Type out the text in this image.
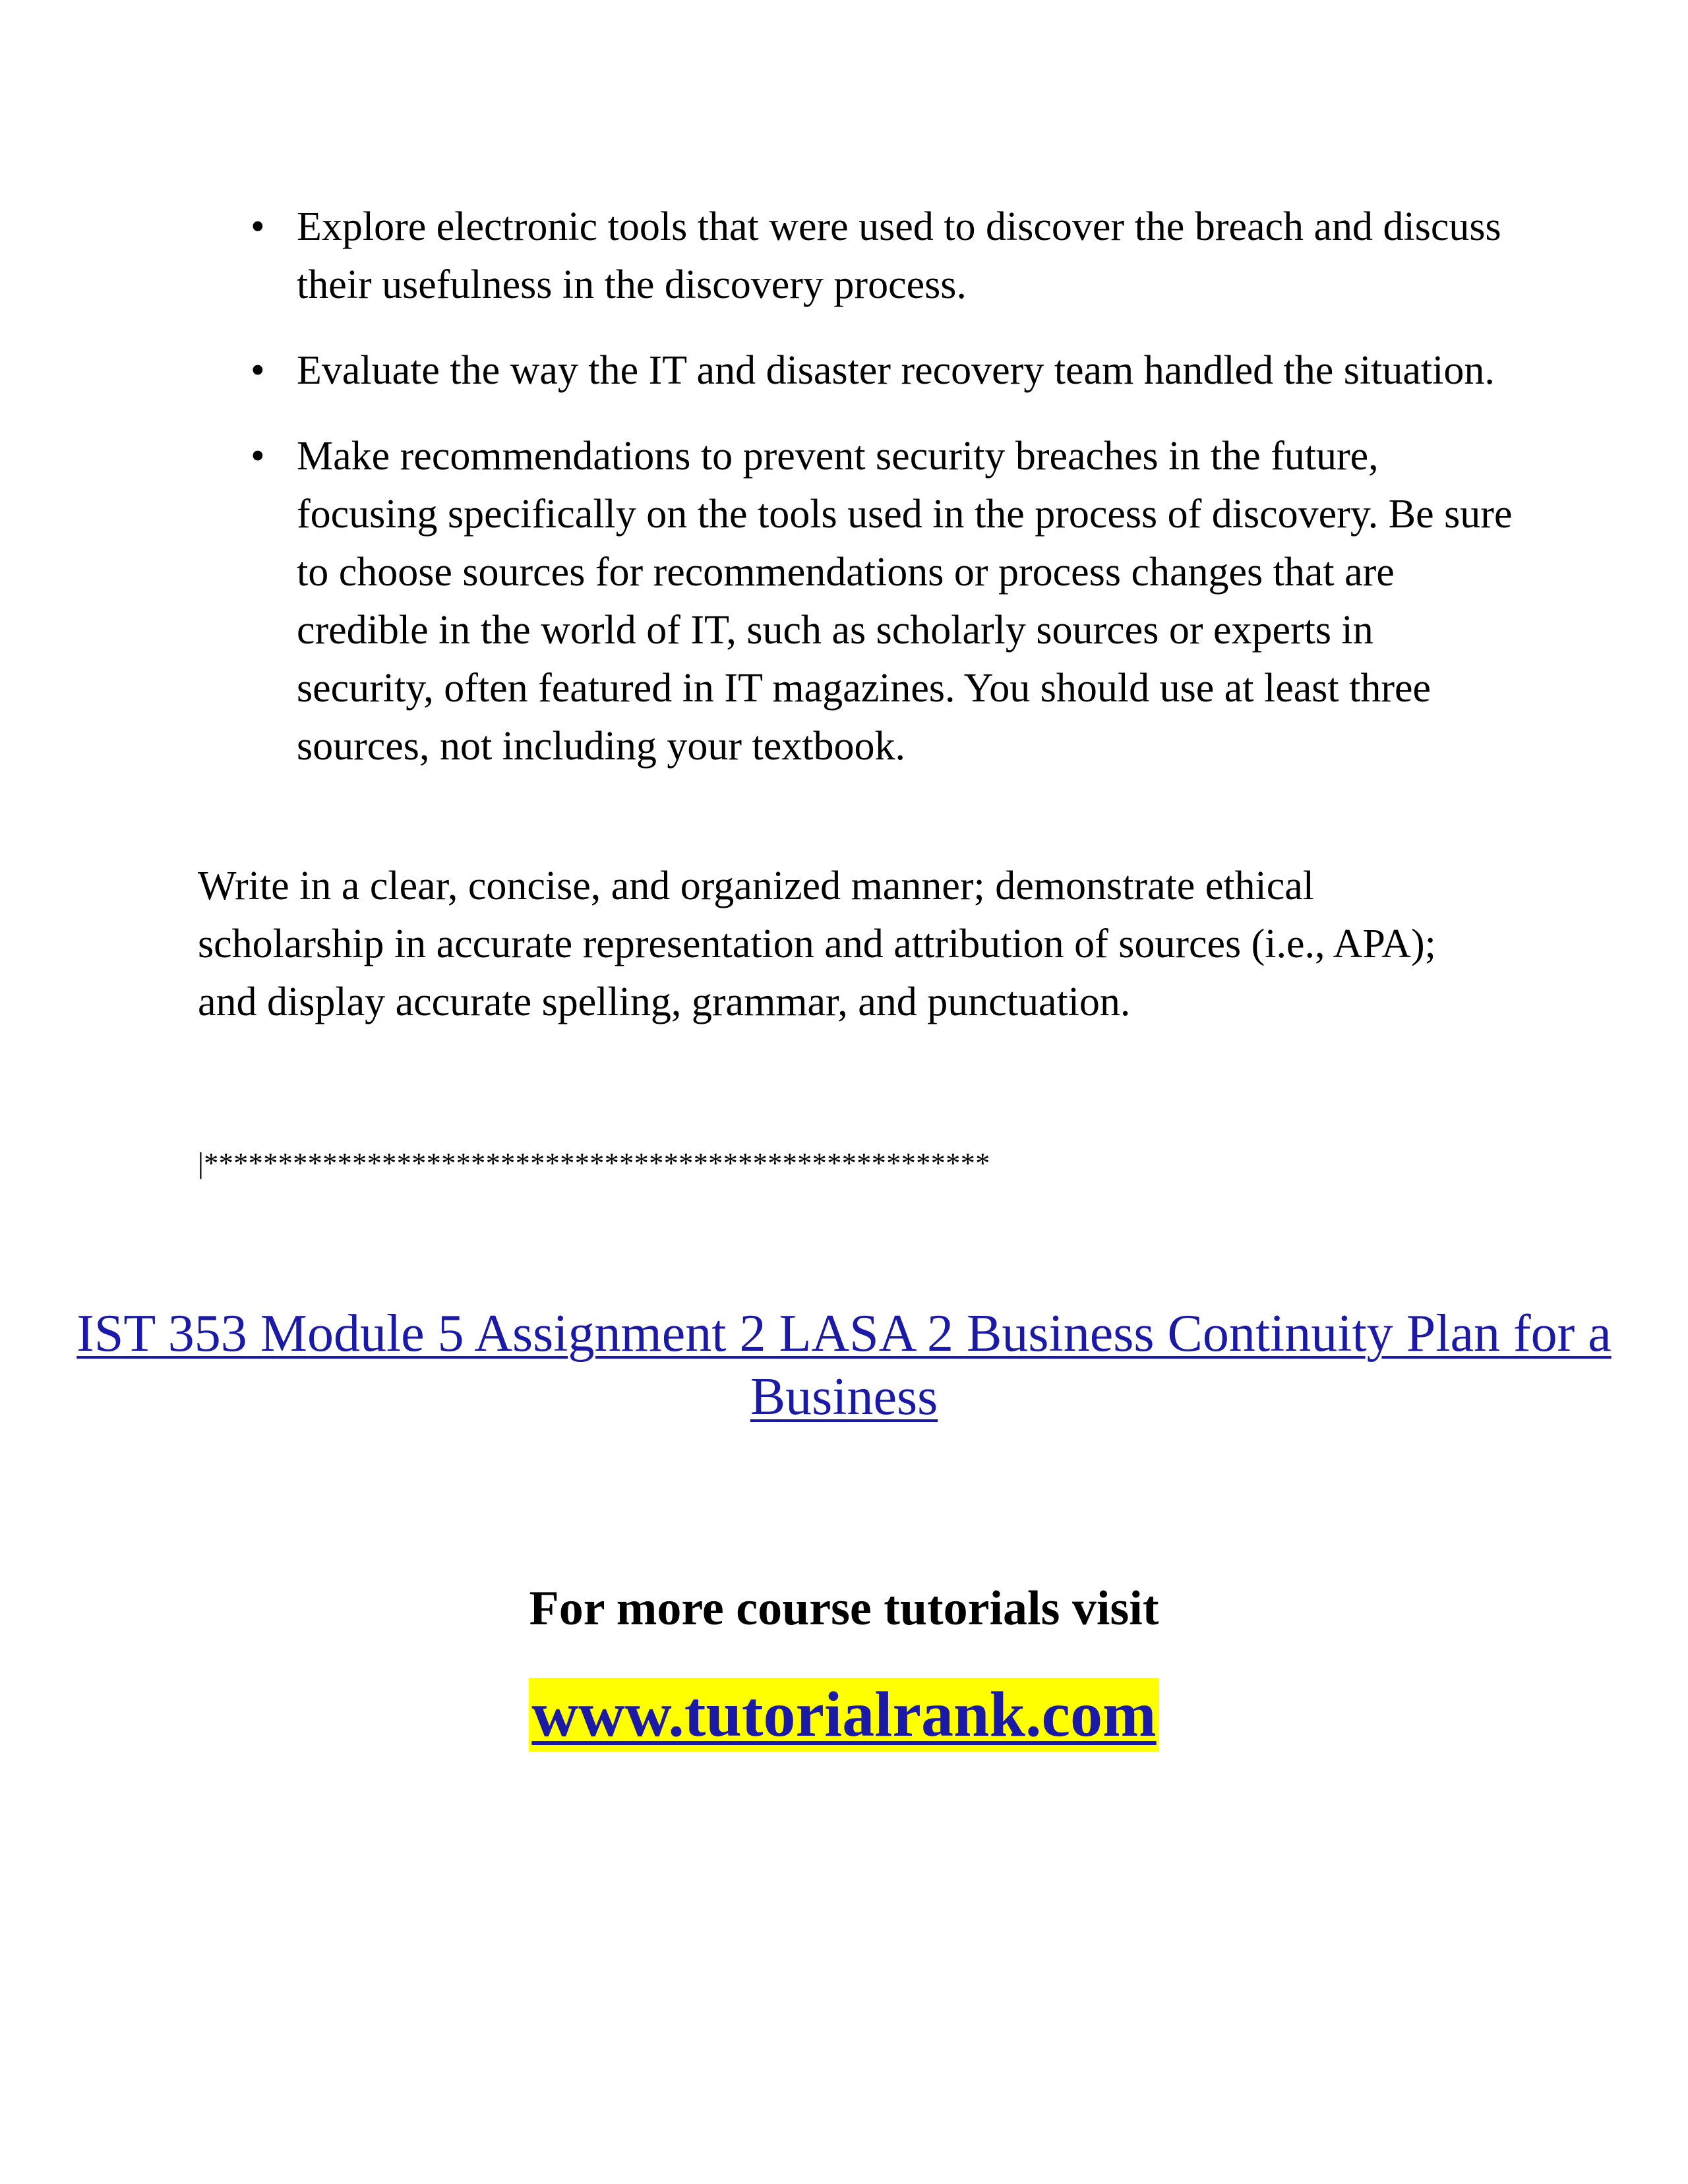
• Explore electronic tools that were used to discover the breach and discuss their usefulness in the discovery process.
• Evaluate the way the IT and disaster recovery team handled the situation.
• Make recommendations to prevent security breaches in the future, focusing specifically on the tools used in the process of discovery. Be sure to choose sources for recommendations or process changes that are credible in the world of IT, such as scholarly sources or experts in security, often featured in IT magazines. You should use at least three sources, not including your textbook.

Write in a clear, concise, and organized manner; demonstrate ethical scholarship in accurate representation and attribution of sources (i.e., APA); and display accurate spelling, grammar, and punctuation.

|*****************************************************
IST 353 Module 5 Assignment 2 LASA 2 Business Continuity Plan for a Business
For more course tutorials visit
www.tutorialrank.com
